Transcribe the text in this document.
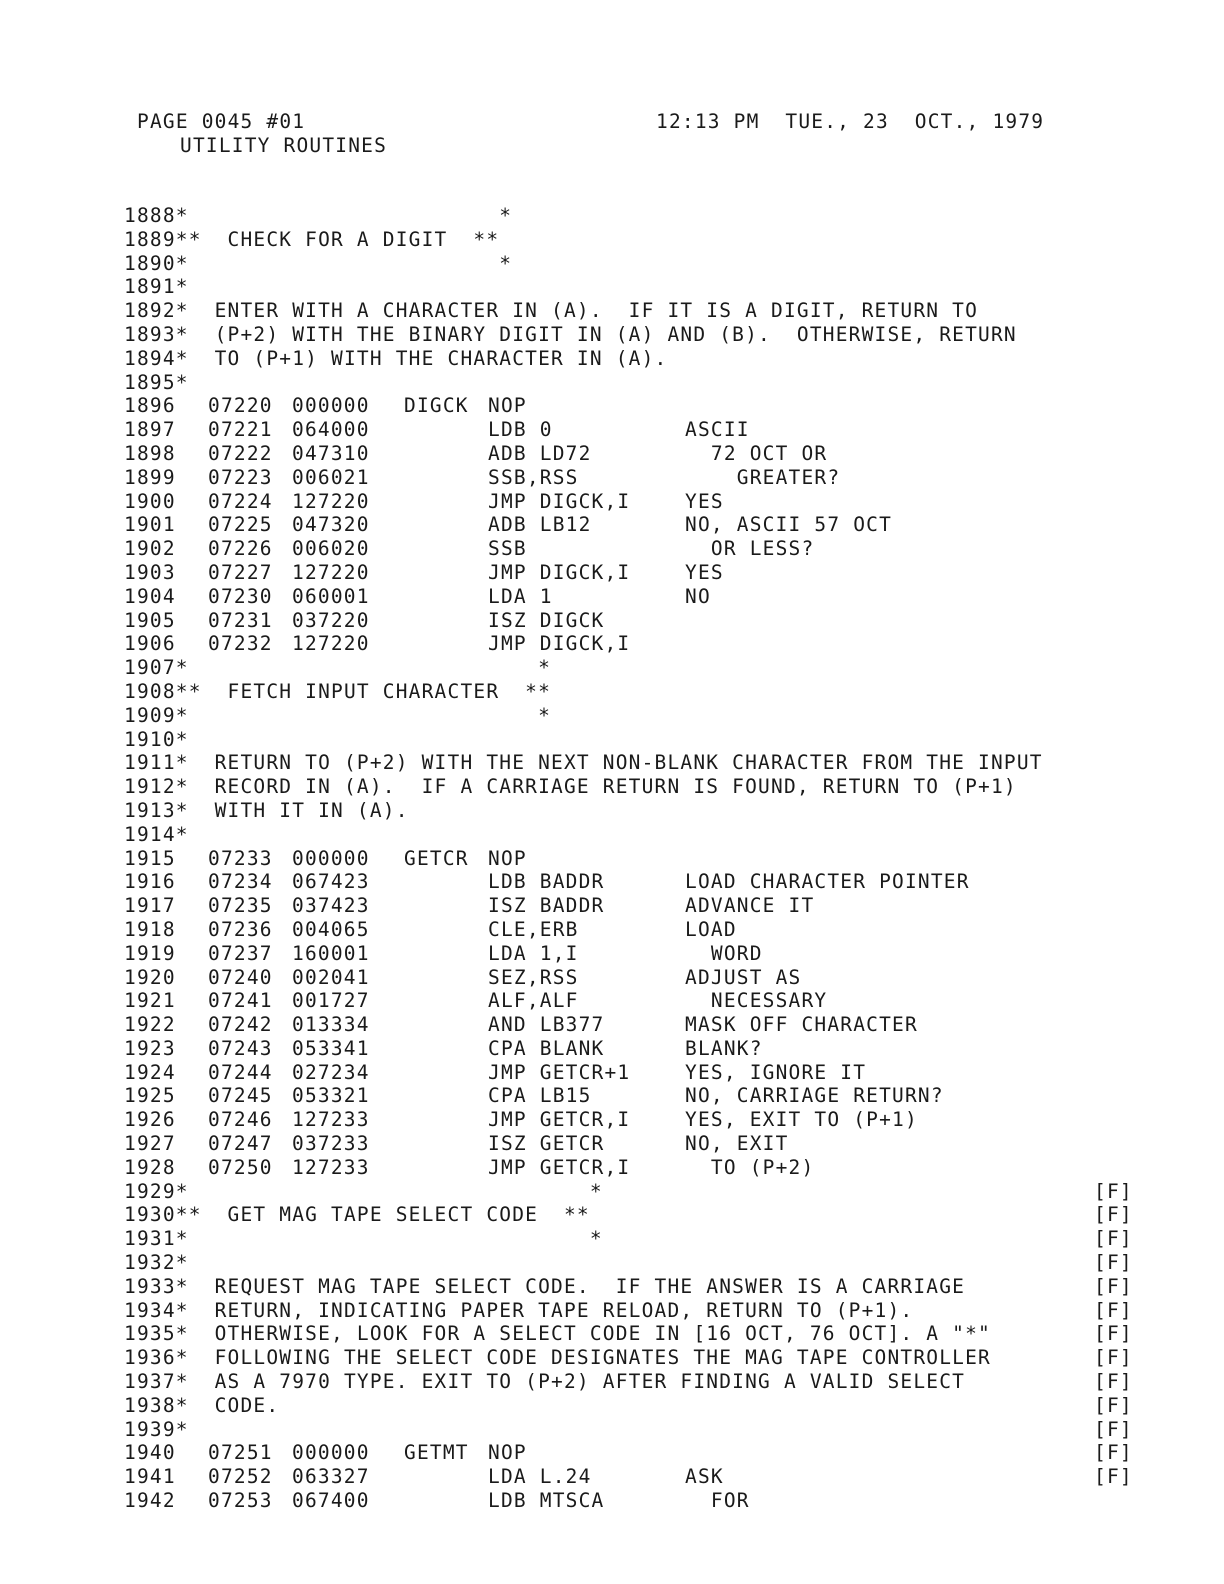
PAGE 0045 #01	12:13 PM  TUE., 23  OCT., 1979
UTILITY ROUTINES
1888*                        *
1889**  CHECK FOR A DIGIT  **
1890*                        *
1891*
1892*  ENTER WITH A CHARACTER IN (A).  IF IT IS A DIGIT, RETURN TO
1893*  (P+2) WITH THE BINARY DIGIT IN (A) AND (B).  OTHERWISE, RETURN
1894*  TO (P+1) WITH THE CHARACTER IN (A).
1895*
1896 07220 000000 DIGCK NOP
1897 07221 064000	LDB 0	ASCII
1898 07222 047310	ADB LD72	72 OCT OR
1899 07223 006021	SSB,RSS	GREATER?
1900 07224 127220	JMP DIGCK,I	YES
1901 07225 047320	ADB LB12	NO, ASCII 57 OCT
1902 07226 006020	SSB	OR LESS?
1903 07227 127220	JMP DIGCK,I	YES
1904 07230 060001	LDA 1	NO
1905 07231 037220	ISZ DIGCK
1906 07232 127220	JMP DIGCK,I
1907*                           *
1908**  FETCH INPUT CHARACTER  **
1909*                           *
1910*
1911*  RETURN TO (P+2) WITH THE NEXT NON-BLANK CHARACTER FROM THE INPUT
1912*  RECORD IN (A).  IF A CARRIAGE RETURN IS FOUND, RETURN TO (P+1)
1913*  WITH IT IN (A).
1914*
1915 07233 000000 GETCR NOP
1916 07234 067423	LDB BADDR	LOAD CHARACTER POINTER
1917 07235 037423	ISZ BADDR	ADVANCE IT
1918 07236 004065	CLE,ERB	LOAD
1919 07237 160001	LDA 1,I	WORD
1920 07240 002041	SEZ,RSS	ADJUST AS
1921 07241 001727	ALF,ALF	NECESSARY
1922 07242 013334	AND LB377	MASK OFF CHARACTER
1923 07243 053341	CPA BLANK	BLANK?
1924 07244 027234	JMP GETCR+1	YES, IGNORE IT
1925 07245 053321	CPA LB15	NO, CARRIAGE RETURN?
1926 07246 127233	JMP GETCR,I	YES, EXIT TO (P+1)
1927 07247 037233	ISZ GETCR	NO, EXIT
1928 07250 127233	JMP GETCR,I	TO (P+2)
1929*                               *	[F]
1930**  GET MAG TAPE SELECT CODE  **	[F]
1931*                               *	[F]
1932*	[F]
1933*  REQUEST MAG TAPE SELECT CODE.  IF THE ANSWER IS A CARRIAGE	[F]
1934*  RETURN, INDICATING PAPER TAPE RELOAD, RETURN TO (P+1).	[F]
1935*  OTHERWISE, LOOK FOR A SELECT CODE IN [16 OCT, 76 OCT]. A "*"	[F]
1936*  FOLLOWING THE SELECT CODE DESIGNATES THE MAG TAPE CONTROLLER	[F]
1937*  AS A 7970 TYPE. EXIT TO (P+2) AFTER FINDING A VALID SELECT	[F]
1938*  CODE.	[F]
1939*	[F]
1940 07251 000000 GETMT NOP	[F]
1941 07252 063327	LDA L.24	ASK	[F]
1942 07253 067400	LDB MTSCA	FOR
